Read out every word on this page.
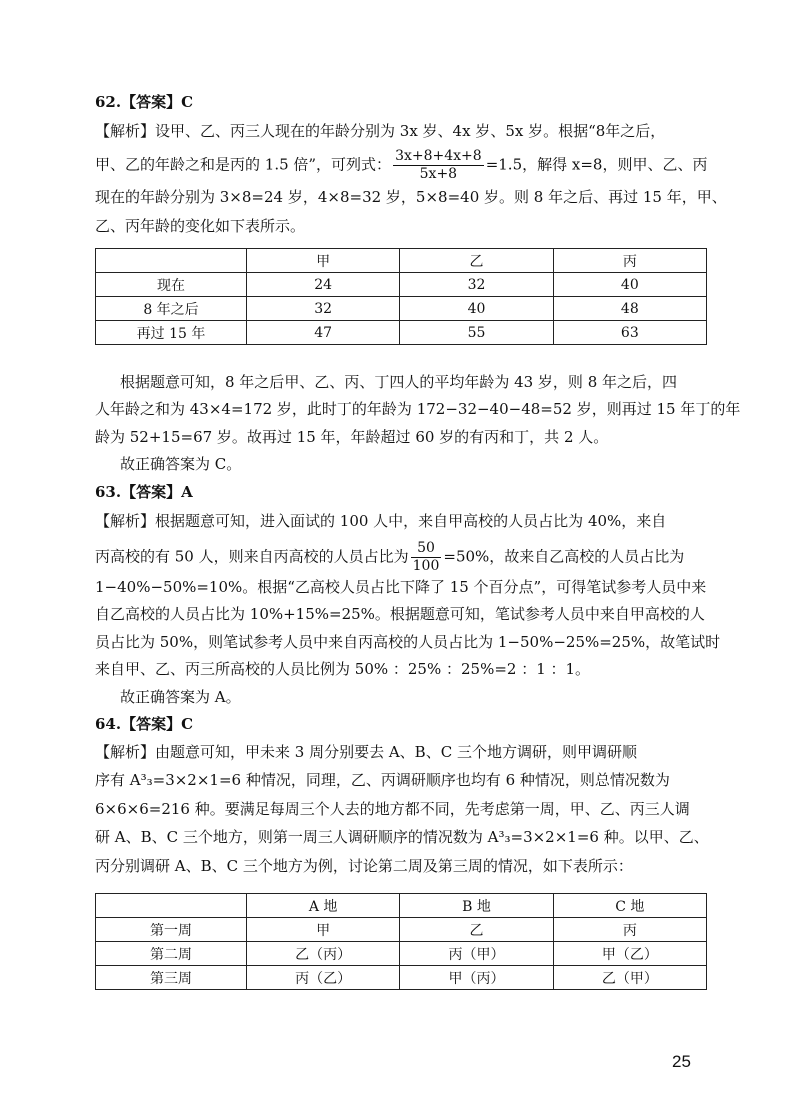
62.【答案】C
【解析】设甲、乙、丙三人现在的年龄分别为 3x 岁、4x 岁、5x 岁。根据“8年之后，
甲、乙的年龄之和是丙的 1.5 倍”，可列式： $\frac{3x+8+4x+8}{5x+8} =1.5$，解得 x=8，则甲、乙、丙
现在的年龄分别为 3×8=24 岁，4×8=32 岁，5×8=40 岁。则 8 年之后、再过 15 年，甲、
乙、丙年龄的变化如下表所示。
	甲	乙	丙
现在	24	32	40
8 年之后	32	40	48
再过 15 年	47	55	63
根据题意可知，8 年之后甲、乙、丙、丁四人的平均年龄为 43 岁，则 8 年之后，四
人年龄之和为 43×4=172 岁，此时丁的年龄为 172−32−40−48=52 岁，则再过 15 年丁的年
龄为 52+15=67 岁。故再过 15 年，年龄超过 60 岁的有丙和丁，共 2 人。
故正确答案为 C。
63.【答案】A
【解析】根据题意可知，进入面试的 100 人中，来自甲高校的人员占比为 40%，来自
丙高校的有 50 人，则来自丙高校的人员占比为 $\frac{50}{100} =50\%$，故来自乙高校的人员占比为
1−40%−50%=10%。根据“乙高校人员占比下降了 15 个百分点”，可得笔试参考人员中来
自乙高校的人员占比为 10%+15%=25%。根据题意可知，笔试参考人员中来自甲高校的人
员占比为 50%，则笔试参考人员中来自丙高校的人员占比为 1−50%−25%=25%，故笔试时
来自甲、乙、丙三所高校的人员比例为 50% ：25% ：25%=2 ：1 ：1。
故正确答案为 A。
64.【答案】C
【解析】由题意可知，甲未来 3 周分别要去 A、B、C 三个地方调研，则甲调研顺
序有 A³₃=3×2×1=6 种情况，同理，乙、丙调研顺序也均有 6 种情况，则总情况数为
6×6×6=216 种。要满足每周三个人去的地方都不同，先考虑第一周，甲、乙、丙三人调
研 A、B、C 三个地方，则第一周三人调研顺序的情况数为 A³₃=3×2×1=6 种。以甲、乙、
丙分别调研 A、B、C 三个地方为例，讨论第二周及第三周的情况，如下表所示：
	A 地	B 地	C 地
第一周	甲	乙	丙
第二周	乙（丙）	丙（甲）	甲（乙）
第三周	丙（乙）	甲（丙）	乙（甲）
25
